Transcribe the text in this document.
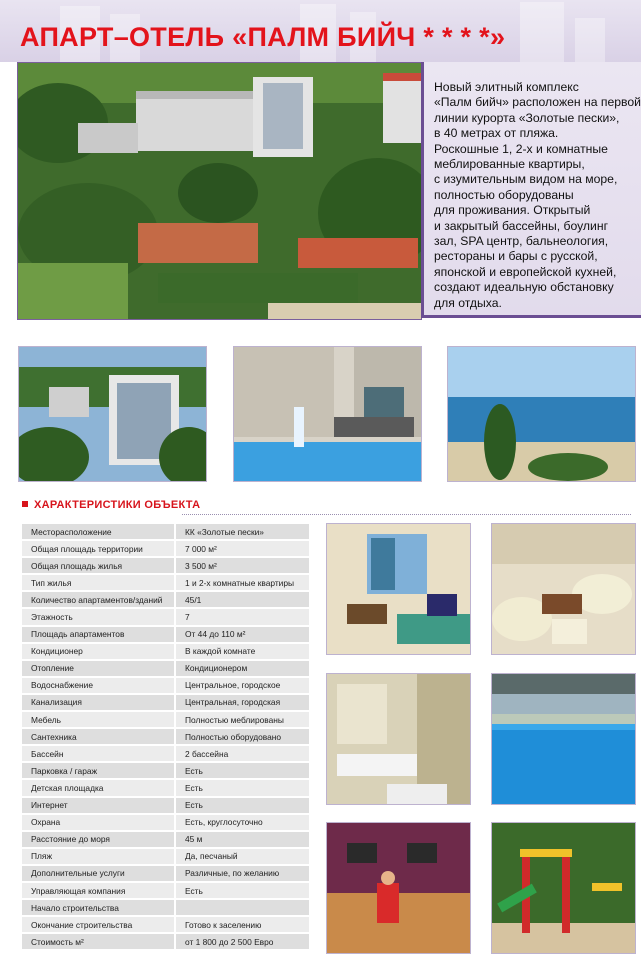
АПАРТ–ОТЕЛЬ «ПАЛМ БИЙЧ * * * *»
Новый элитный комплекс
«Палм бийч» расположен на первой
линии курорта «Золотые пески»,
в 40 метрах от пляжа.
Роскошные 1, 2-х и комнатные
меблированные квартиры,
с изумительным видом на море,
полностью оборудованы
для проживания. Открытый
и закрытый бассейны, боулинг
зал, SPA центр, бальнеология,
рестораны и бары с русской,
японской и европейской кухней,
создают идеальную обстановку
для отдыха.
ХАРАКТЕРИСТИКИ ОБЪЕКТА
Месторасположение	КК «Золотые пески»
Общая площадь территории	7 000 м²
Общая площадь жилья	3 500 м²
Тип жилья	1 и 2-х комнатные квартиры
Количество апартаментов/зданий	45/1
Этажность	7
Площадь апартаментов	От 44 до 110 м²
Кондиционер	В каждой комнате
Отопление	Кондиционером
Водоснабжение	Центральное, городское
Канализация	Центральная, городская
Мебель	Полностью меблированы
Сантехника	Полностью оборудовано
Бассейн	2 бассейна
Парковка / гараж	Есть
Детская площадка	Есть
Интернет	Есть
Охрана	Есть, круглосуточно
Расстояние до моря	45 м
Пляж	Да, песчаный
Дополнительные услуги	Различные, по желанию
Управляющая компания	Есть
Начало строительства	
Окончание строительства	Готово к заселению
Стоимость м²	от 1 800 до 2 500 Евро
